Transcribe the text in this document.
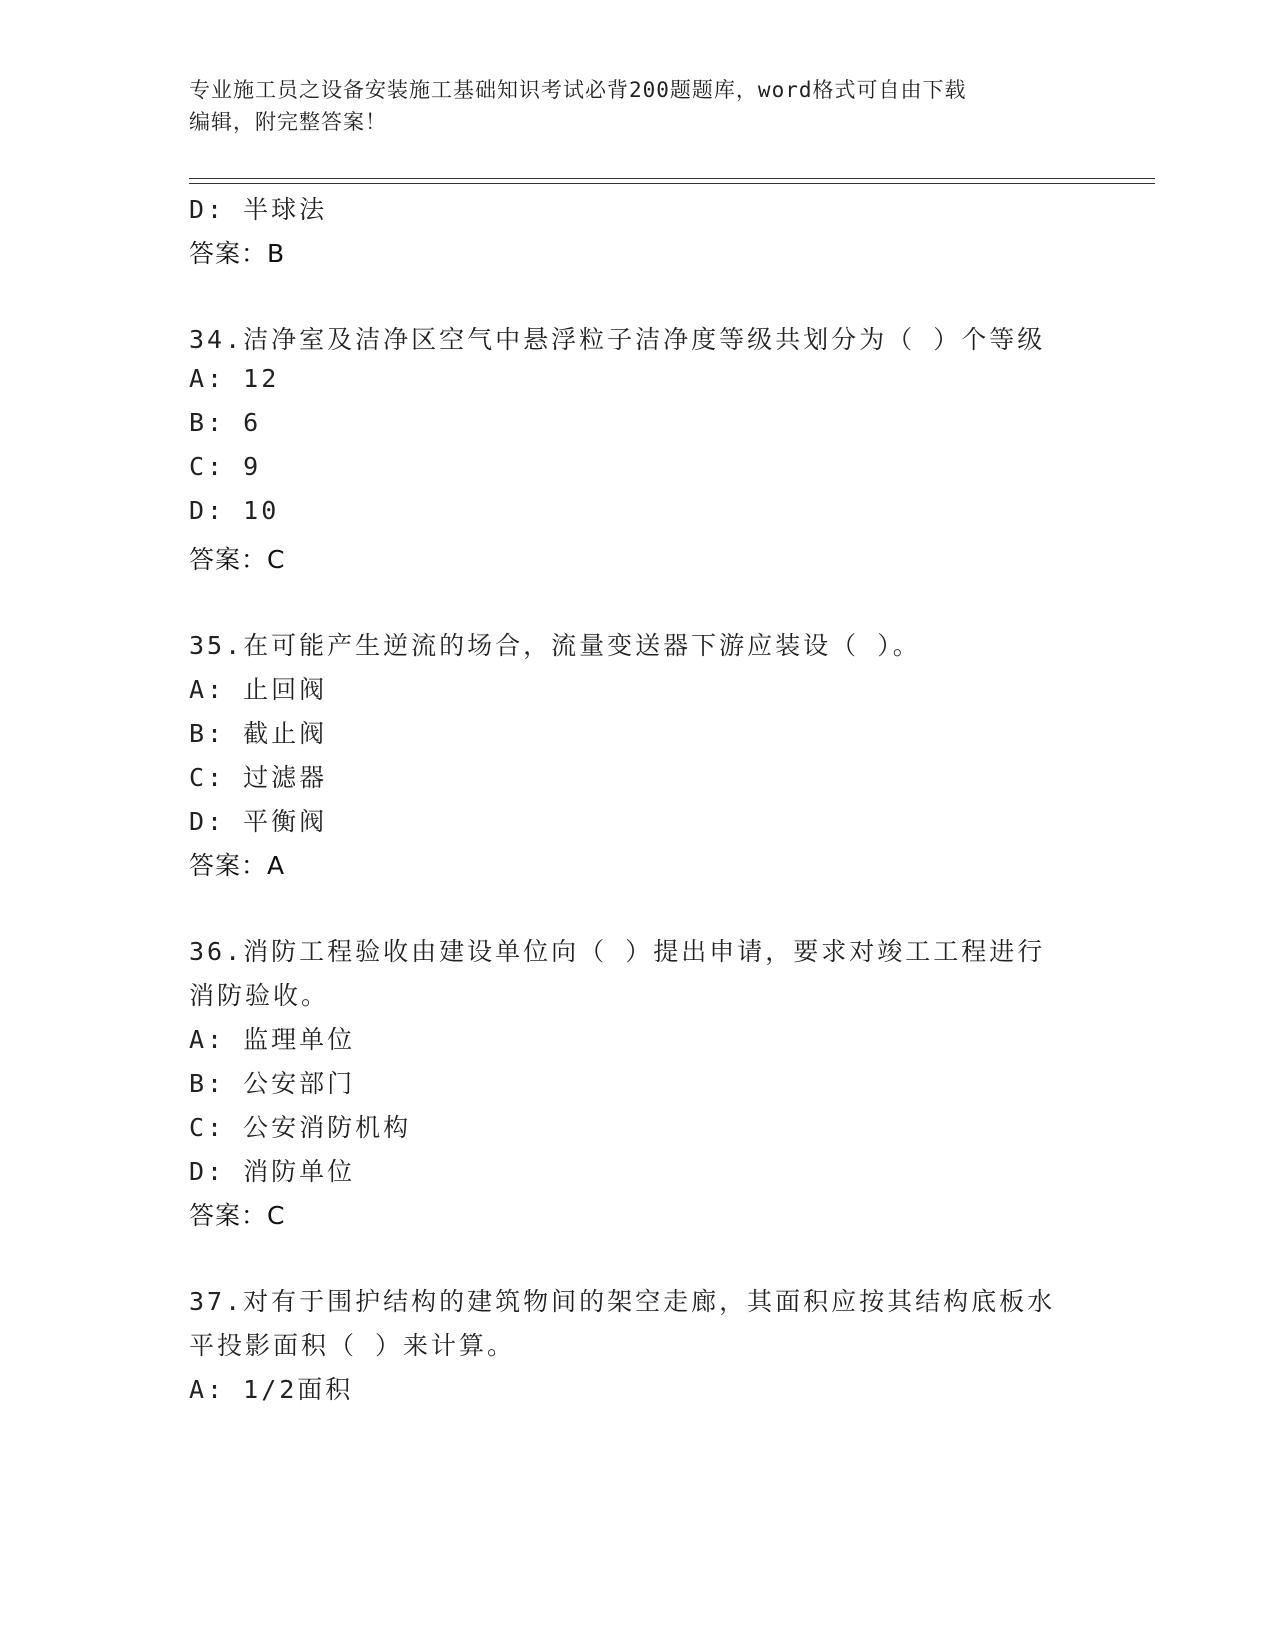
专业施工员之设备安装施工基础知识考试必背200题题库，word格式可自由下载
编辑，附完整答案！
D: 半球法
答案：B
34.洁净室及洁净区空气中悬浮粒子洁净度等级共划分为（ ）个等级
A: 12
B: 6
C: 9
D: 10
答案：C
35.在可能产生逆流的场合，流量变送器下游应装设（ ）。
A: 止回阀
B: 截止阀
C: 过滤器
D: 平衡阀
答案：A
36.消防工程验收由建设单位向（ ）提出申请，要求对竣工工程进行
消防验收。
A: 监理单位
B: 公安部门
C: 公安消防机构
D: 消防单位
答案：C
37.对有于围护结构的建筑物间的架空走廊，其面积应按其结构底板水
平投影面积（ ）来计算。
A: 1/2面积
